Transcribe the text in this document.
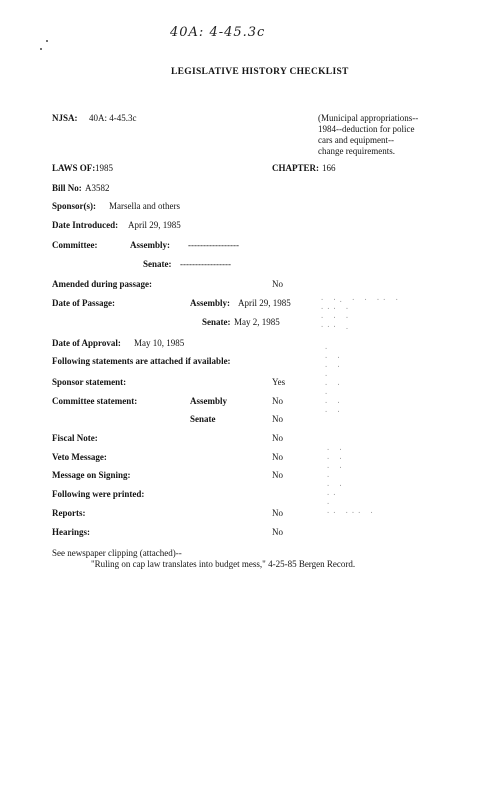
40A: 4-45.3c
LEGISLATIVE HISTORY CHECKLIST
NJSA: 40A: 4-45.3c	(Municipal appropriations--
1984--deduction for police
cars and equipment--
change requirements.
LAWS OF: 1985	CHAPTER: 166
Bill No: A3582
Sponsor(s): Marsella and others
Date Introduced: April 29, 1985
Committee:	Assembly: -----------------
Senate: -----------------
Amended during passage:	No
Date of Passage:	Assembly: April 29, 1985
Senate: May 2, 1985
Date of Approval: May 10, 1985
Following statements are attached if available:
Sponsor statement:	Yes
Committee statement:	Assembly	No
Senate	No
Fiscal Note:	No
Veto Message:	No
Message on Signing:	No
Following were printed:
Reports:	No
Hearings:	No
See newspaper clipping (attached)--
"Ruling on cap law translates into budget mess," 4-25-85 Bergen Record.
· ·. · · ·· ·
··· ·
· · ·
··· .
·
· ·
· ·
·
· ·
·
· ·
· ·
· ·
· ·
· ·
·
· ·
··
·
·· ··· ·
